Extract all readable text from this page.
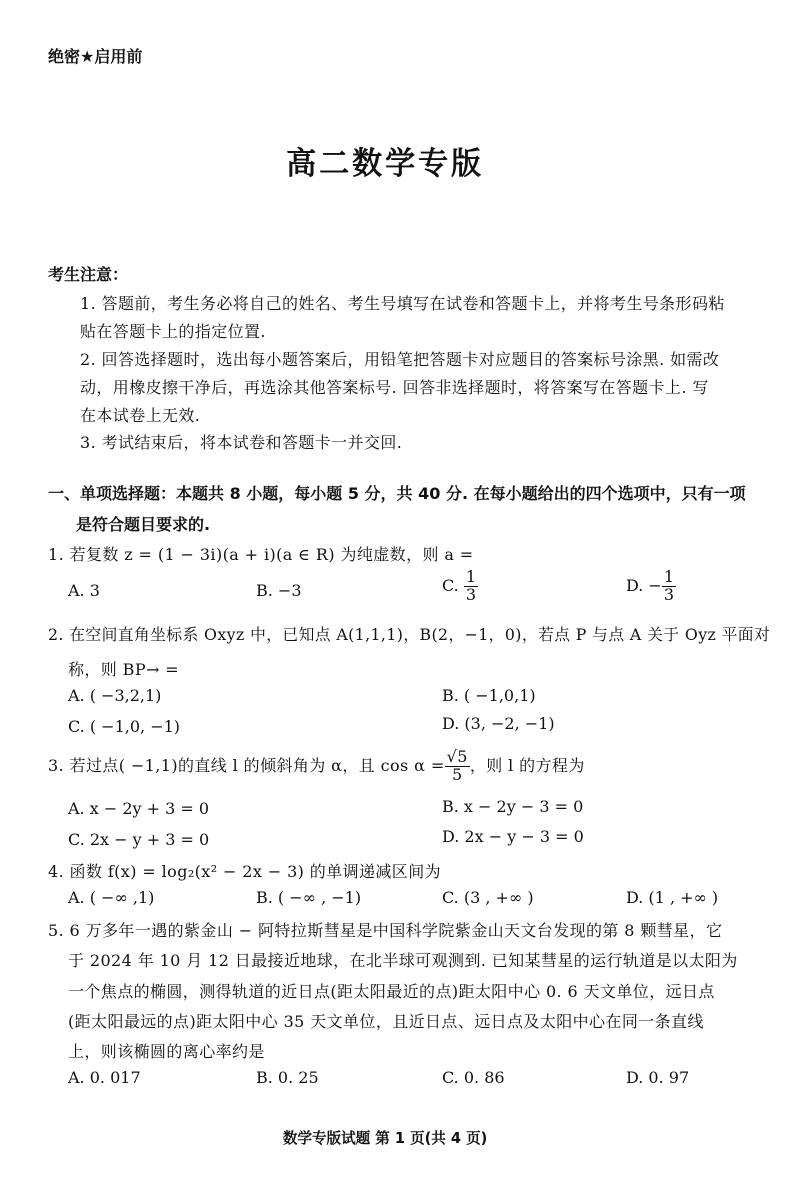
绝密★启用前
高二数学专版
考生注意：
1. 答题前，考生务必将自己的姓名、考生号填写在试卷和答题卡上，并将考生号条形码粘
贴在答题卡上的指定位置.
2. 回答选择题时，选出每小题答案后，用铅笔把答题卡对应题目的答案标号涂黑. 如需改
动，用橡皮擦干净后，再选涂其他答案标号. 回答非选择题时，将答案写在答题卡上. 写
在本试卷上无效.
3. 考试结束后，将本试卷和答题卡一并交回.
一、单项选择题：本题共 8 小题，每小题 5 分，共 40 分. 在每小题给出的四个选项中，只有一项
是符合题目要求的.
1. 若复数 z = (1 − 3i)(a + i)(a ∈ R) 为纯虚数，则 a =
A. 3	B. −3	C. $\frac{1}{3}$	D. − $\frac{1}{3}$
2. 在空间直角坐标系 Oxyz 中，已知点 A(1,1,1)，B(2，−1，0)，若点 P 与点 A 关于 Oyz 平面对
称，则 BP→ =
A. ( −3,2,1)	B. ( −1,0,1)
C. ( −1,0, −1)	D. (3, −2, −1)
3. 若过点( −1,1)的直线 l 的倾斜角为 α，且 $\cos \alpha = \frac{√5}{5}$ ，则 l 的方程为
A. x − 2y + 3 = 0	B. x − 2y − 3 = 0
C. 2x − y + 3 = 0	D. 2x − y − 3 = 0
4. 函数 f(x) = log₂(x² − 2x − 3) 的单调递减区间为
A. ( −∞ ,1)	B. ( −∞ , −1)	C. (3 , +∞ )	D. (1 , +∞ )
5. 6 万多年一遇的紫金山 − 阿特拉斯彗星是中国科学院紫金山天文台发现的第 8 颗彗星，它
于 2024 年 10 月 12 日最接近地球，在北半球可观测到. 已知某彗星的运行轨道是以太阳为
一个焦点的椭圆，测得轨道的近日点(距太阳最近的点)距太阳中心 0. 6 天文单位，远日点
(距太阳最远的点)距太阳中心 35 天文单位，且近日点、远日点及太阳中心在同一条直线
上，则该椭圆的离心率约是
A. 0. 017	B. 0. 25	C. 0. 86	D. 0. 97
数学专版试题 第 1 页(共 4 页)
